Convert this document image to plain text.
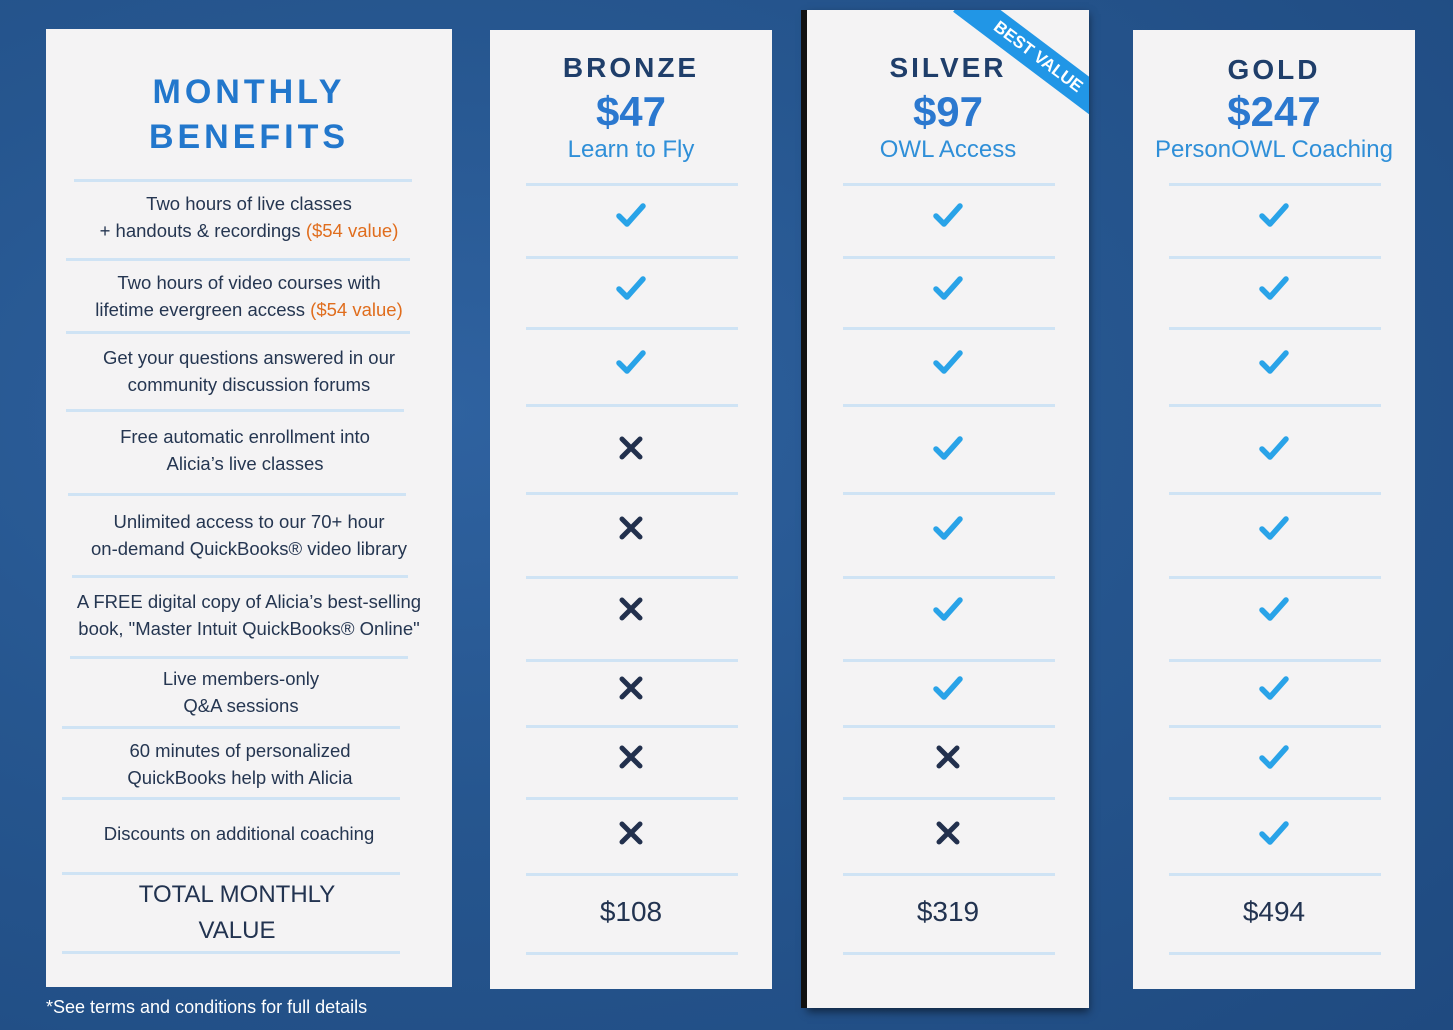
MONTHLY
BENEFITS
Two hours of live classes
+ handouts & recordings ($54 value)
Two hours of video courses with
lifetime evergreen access ($54 value)
Get your questions answered in our
community discussion forums
Free automatic enrollment into
Alicia’s live classes
Unlimited access to our 70+ hour
on-demand QuickBooks® video library
A FREE digital copy of Alicia’s best-selling
book, "Master Intuit QuickBooks® Online"
Live members-only
Q&A sessions
60 minutes of personalized
QuickBooks help with Alicia
Discounts on additional coaching
TOTAL MONTHLY
VALUE
BRONZE
$47
Learn to Fly
$108
BEST VALUE
SILVER
$97
OWL Access
$319
GOLD
$247
PersonOWL Coaching
$494
*See terms and conditions for full details
